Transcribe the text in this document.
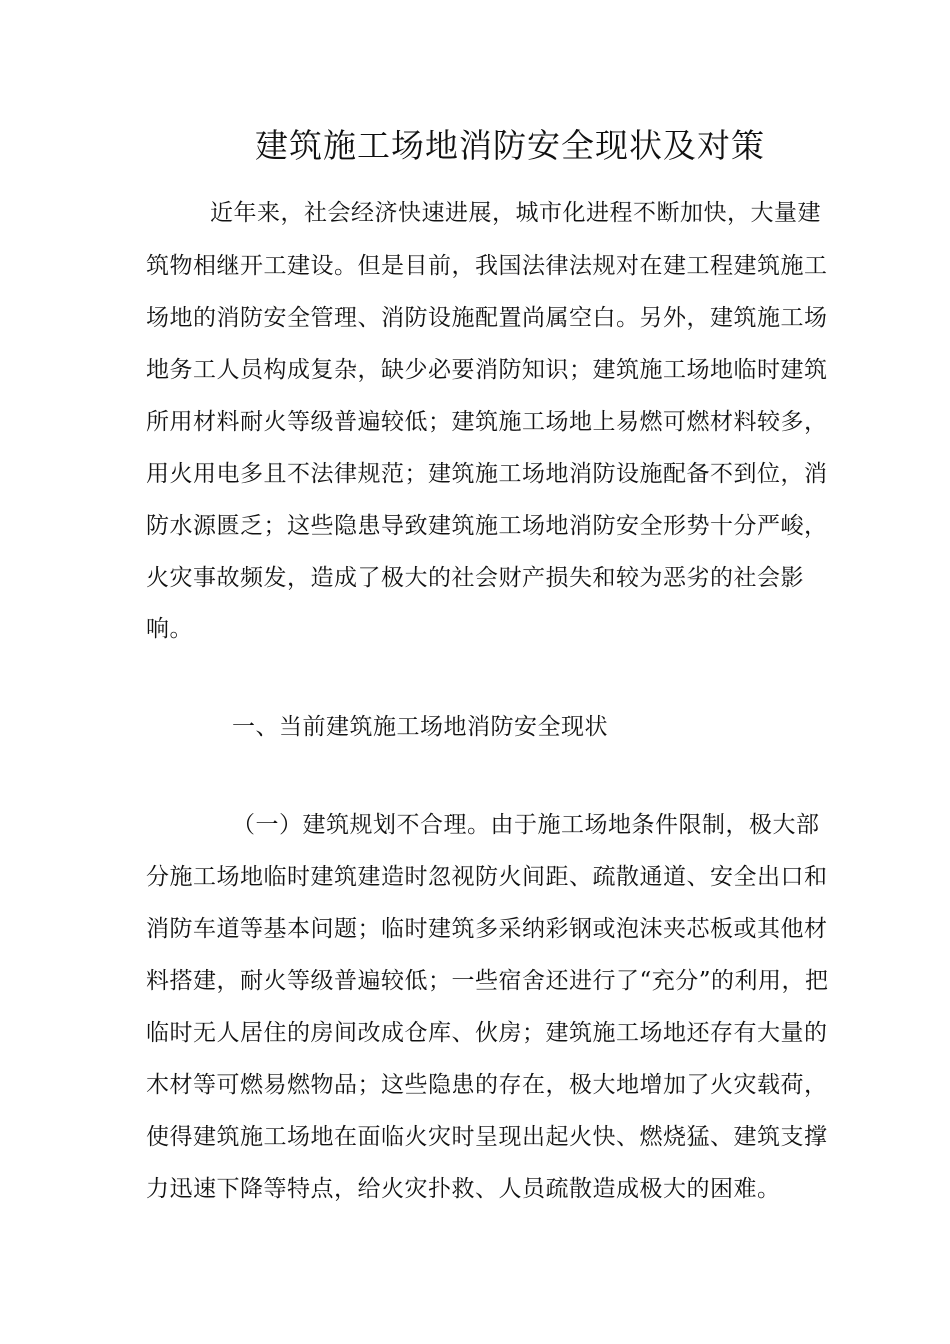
建筑施工场地消防安全现状及对策
近年来，社会经济快速进展，城市化进程不断加快，大量建
筑物相继开工建设。但是目前，我国法律法规对在建工程建筑施工
场地的消防安全管理、消防设施配置尚属空白。另外，建筑施工场
地务工人员构成复杂，缺少必要消防知识；建筑施工场地临时建筑
所用材料耐火等级普遍较低；建筑施工场地上易燃可燃材料较多，
用火用电多且不法律规范；建筑施工场地消防设施配备不到位，消
防水源匮乏；这些隐患导致建筑施工场地消防安全形势十分严峻，
火灾事故频发，造成了极大的社会财产损失和较为恶劣的社会影
响。
一、当前建筑施工场地消防安全现状
（一）建筑规划不合理。由于施工场地条件限制，极大部
分施工场地临时建筑建造时忽视防火间距、疏散通道、安全出口和
消防车道等基本问题；临时建筑多采纳彩钢或泡沫夹芯板或其他材
料搭建，耐火等级普遍较低；一些宿舍还进行了“充分”的利用，把
临时无人居住的房间改成仓库、伙房；建筑施工场地还存有大量的
木材等可燃易燃物品；这些隐患的存在，极大地增加了火灾载荷，
使得建筑施工场地在面临火灾时呈现出起火快、燃烧猛、建筑支撑
力迅速下降等特点，给火灾扑救、人员疏散造成极大的困难。
